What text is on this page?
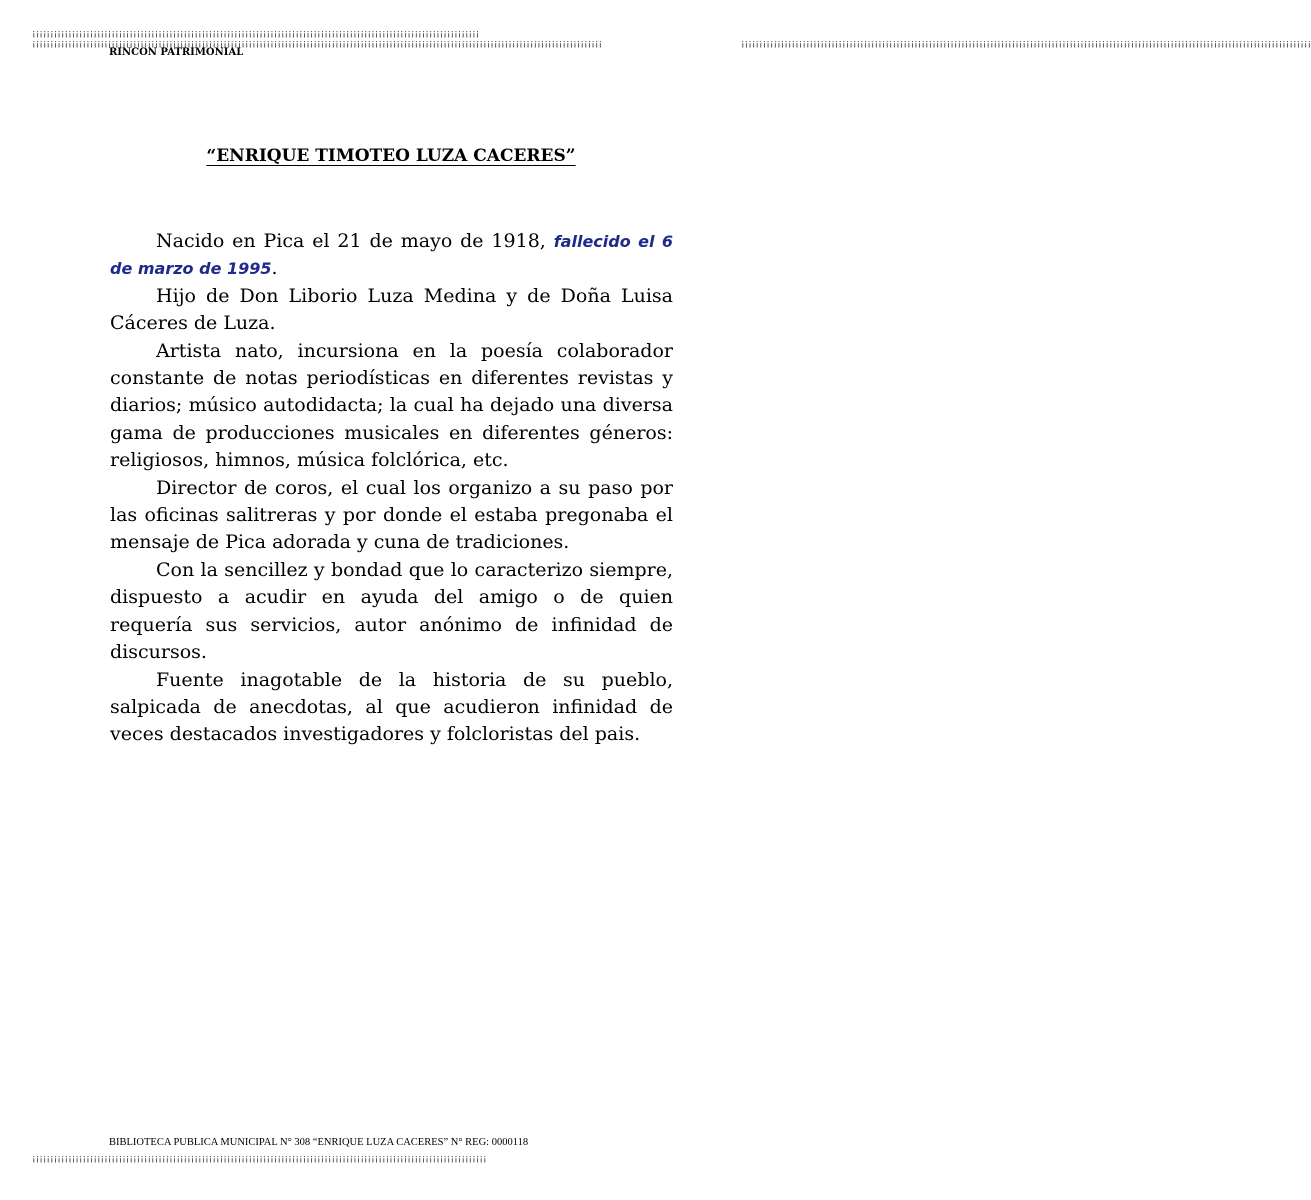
¡¡¡¡¡¡¡¡¡¡¡¡¡¡¡¡¡¡¡¡¡¡¡¡¡¡¡¡¡¡¡¡¡¡¡¡¡¡¡¡¡¡¡¡¡¡¡¡¡¡¡¡¡¡¡¡¡¡¡¡¡¡¡¡¡¡¡¡¡¡¡¡¡¡¡¡¡¡¡¡¡¡¡¡¡¡¡¡¡¡¡¡¡¡¡¡¡¡¡¡¡¡¡¡¡¡¡¡¡¡¡¡¡¡¡¡¡¡¡¡¡¡¡¡
¡¡¡¡¡¡¡¡¡¡¡¡¡¡¡¡¡¡¡¡¡¡¡¡¡¡¡¡¡¡¡¡¡¡¡¡¡¡¡¡¡¡¡¡¡¡¡¡¡¡¡¡¡¡¡¡¡¡¡¡¡¡¡¡¡¡¡¡¡¡¡¡¡¡¡¡¡¡¡¡¡¡¡¡¡¡¡¡¡¡¡¡¡¡¡¡¡¡¡¡¡¡¡¡¡¡¡¡¡¡¡¡¡¡¡¡¡¡¡¡¡¡¡¡¡¡
¡¡¡¡¡¡¡¡¡¡¡¡¡¡¡¡¡¡¡¡¡¡¡¡¡¡¡¡¡¡¡¡¡¡¡¡¡¡¡¡¡¡¡¡¡¡¡¡¡¡¡¡¡¡¡¡¡¡¡¡¡¡¡¡¡¡¡¡¡¡¡¡¡¡¡¡¡¡¡¡¡¡¡¡¡¡¡¡¡¡¡¡¡¡¡¡¡¡¡¡¡¡¡¡¡¡¡¡¡¡¡¡¡¡¡¡¡¡¡¡¡¡¡¡¡¡¡¡¡¡¡¡¡¡¡¡¡¡¡¡¡¡¡¡¡¡¡¡¡¡¡¡¡¡¡¡¡¡	¡¡¡¡¡¡¡¡¡¡¡¡¡¡¡¡¡¡¡¡¡¡¡¡¡¡¡¡¡¡¡¡¡¡¡¡¡¡¡¡¡¡¡¡¡¡¡¡¡¡¡¡¡¡¡¡¡¡¡¡¡¡¡¡¡¡¡¡¡¡¡¡¡¡¡¡¡¡¡¡¡¡¡¡¡¡¡¡¡¡¡¡¡¡¡¡¡¡¡¡¡¡¡¡¡¡¡¡¡¡¡¡¡¡¡¡¡¡¡¡¡¡¡¡¡¡¡¡¡¡¡¡¡¡¡¡¡¡¡¡¡¡¡¡¡¡¡¡¡¡¡¡¡¡¡¡¡¡
RINCON PATRIMONIAL
“ENRIQUE TIMOTEO LUZA CACERES”

Nacido en Pica el 21 de mayo de 1918, fallecido el 6 de marzo de 1995.

Hijo de Don Liborio Luza Medina y de Doña Luisa Cáceres de Luza.

Artista nato, incursiona en la poesía colaborador constante de notas periodísticas en diferentes revistas y diarios; músico autodidacta; la cual ha dejado una diversa gama de producciones musicales en diferentes géneros: religiosos, himnos, música folclórica, etc.

Director de coros, el cual los organizo a su paso por las oficinas salitreras y por donde el estaba pregonaba el mensaje de Pica adorada y cuna de tradiciones.

Con la sencillez y bondad que lo caracterizo siempre, dispuesto a acudir en ayuda del amigo o de quien requería sus servicios, autor anónimo de infinidad de discursos.

Fuente inagotable de la historia de su pueblo, salpicada de anecdotas, al que acudieron infinidad de veces destacados investigadores y folcloristas del pais.

BIBLIOTECA PUBLICA MUNICIPAL N° 308 “ENRIQUE LUZA CACERES” N° REG: 0000118
